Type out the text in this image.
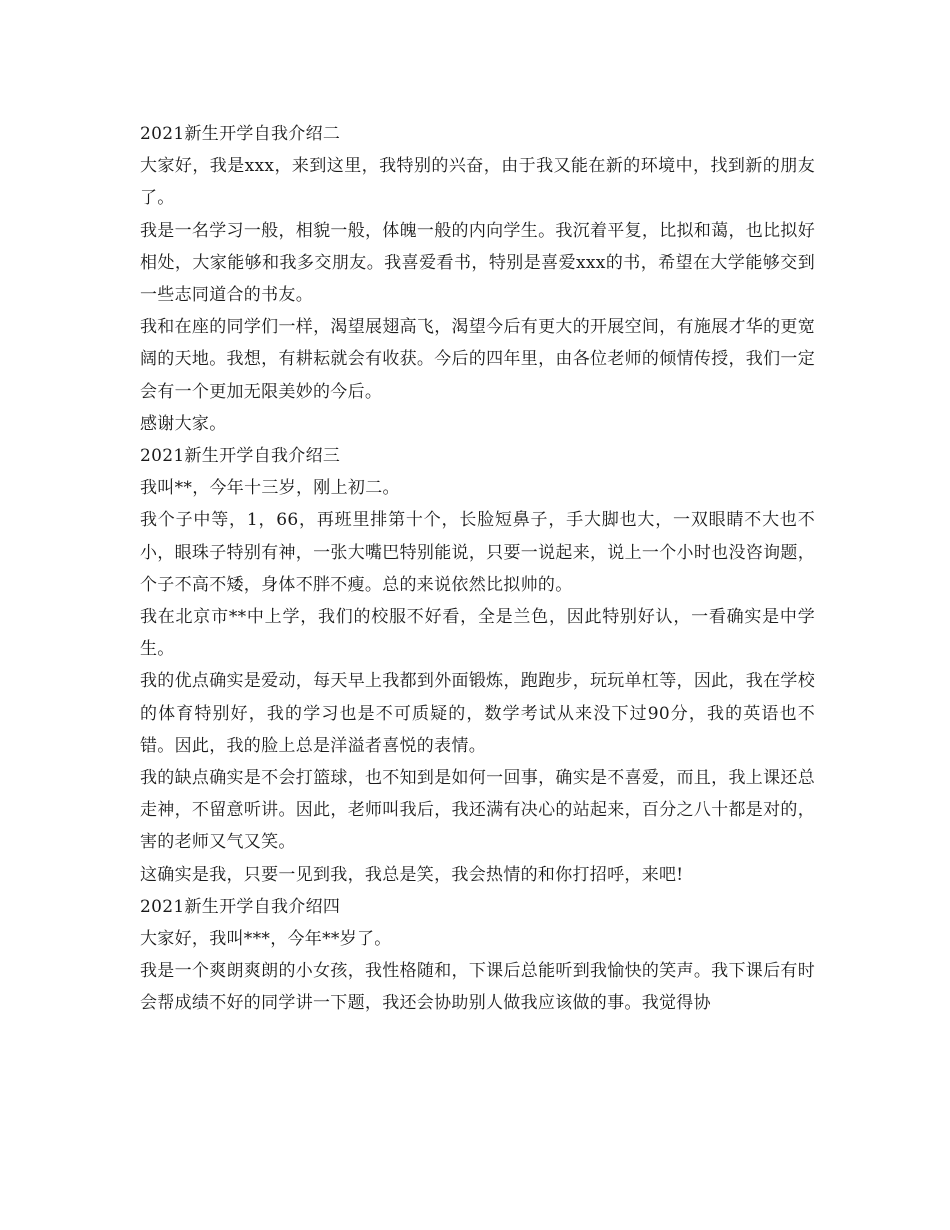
2021新生开学自我介绍二

大家好，我是xxx，来到这里，我特别的兴奋，由于我又能在新的环境中，找到新的朋友了。

我是一名学习一般，相貌一般，体魄一般的内向学生。我沉着平复，比拟和蔼，也比拟好相处，大家能够和我多交朋友。我喜爱看书，特别是喜爱xxx的书，希望在大学能够交到一些志同道合的书友。

我和在座的同学们一样，渴望展翅高飞，渴望今后有更大的开展空间，有施展才华的更宽阔的天地。我想，有耕耘就会有收获。今后的四年里，由各位老师的倾情传授，我们一定会有一个更加无限美妙的今后。

感谢大家。

2021新生开学自我介绍三

我叫**，今年十三岁，刚上初二。

我个子中等，1，66，再班里排第十个，长脸短鼻子，手大脚也大，一双眼睛不大也不小，眼珠子特别有神，一张大嘴巴特别能说，只要一说起来，说上一个小时也没咨询题，个子不高不矮，身体不胖不瘦。总的来说依然比拟帅的。

我在北京市**中上学，我们的校服不好看，全是兰色，因此特别好认，一看确实是中学生。

我的优点确实是爱动，每天早上我都到外面锻炼，跑跑步，玩玩单杠等，因此，我在学校的体育特别好，我的学习也是不可质疑的，数学考试从来没下过90分，我的英语也不错。因此，我的脸上总是洋溢者喜悦的表情。

我的缺点确实是不会打篮球，也不知到是如何一回事，确实是不喜爱，而且，我上课还总走神，不留意听讲。因此，老师叫我后，我还满有决心的站起来，百分之八十都是对的，害的老师又气又笑。

这确实是我，只要一见到我，我总是笑，我会热情的和你打招呼，来吧!

2021新生开学自我介绍四

大家好，我叫***，今年**岁了。

我是一个爽朗爽朗的小女孩，我性格随和，下课后总能听到我愉快的笑声。我下课后有时会帮成绩不好的同学讲一下题，我还会协助别人做我应该做的事。我觉得协
